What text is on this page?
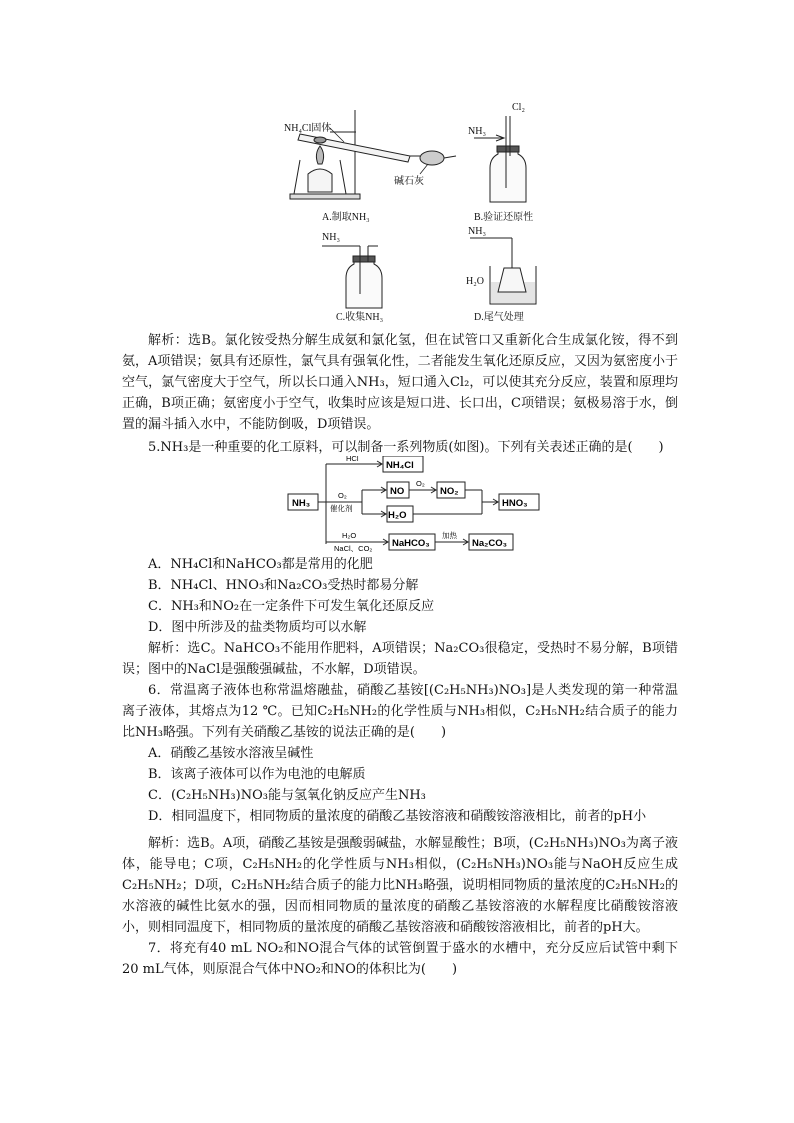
NH₄Cl固体
碱石灰
A.制取NH₃
Cl₂
NH₃
B.验证还原性
NH₃
C.收集NH₃
NH₃
H₂O
D.尾气处理

解析：选B。氯化铵受热分解生成氨和氯化氢，但在试管口又重新化合生成氯化铵，得不到氨，A项错误；氨具有还原性，氯气具有强氧化性，二者能发生氧化还原反应，又因为氨密度小于空气，氯气密度大于空气，所以长口通入NH₃，短口通入Cl₂，可以使其充分反应，装置和原理均正确，B项正确；氨密度小于空气，收集时应该是短口进、长口出，C项错误；氨极易溶于水，倒置的漏斗插入水中，不能防倒吸，D项错误。

5.NH₃是一种重要的化工原料，可以制备一系列物质(如图)。下列有关表述正确的是(　　)

NH₃
HCl
NH₄Cl
O₂
催化剂
NO
O₂
NO₂
H₂O
HNO₃
H₂O
NaCl、CO₂ NaHCO₃
加热
Na₂CO₃

A．NH₄Cl和NaHCO₃都是常用的化肥

B．NH₄Cl、HNO₃和Na₂CO₃受热时都易分解

C．NH₃和NO₂在一定条件下可发生氧化还原反应

D．图中所涉及的盐类物质均可以水解

解析：选C。NaHCO₃不能用作肥料，A项错误；Na₂CO₃很稳定，受热时不易分解，B项错误；图中的NaCl是强酸强碱盐，不水解，D项错误。

6．常温离子液体也称常温熔融盐，硝酸乙基铵[(C₂H₅NH₃)NO₃]是人类发现的第一种常温离子液体，其熔点为12 ℃。已知C₂H₅NH₂的化学性质与NH₃相似，C₂H₅NH₂结合质子的能力比NH₃略强。下列有关硝酸乙基铵的说法正确的是(　　)

A．硝酸乙基铵水溶液呈碱性

B．该离子液体可以作为电池的电解质

C．(C₂H₅NH₃)NO₃能与氢氧化钠反应产生NH₃

D．相同温度下，相同物质的量浓度的硝酸乙基铵溶液和硝酸铵溶液相比，前者的pH小

解析：选B。A项，硝酸乙基铵是强酸弱碱盐，水解显酸性；B项，(C₂H₅NH₃)NO₃为离子液体，能导电；C项，C₂H₅NH₂的化学性质与NH₃相似，(C₂H₅NH₃)NO₃能与NaOH反应生成C₂H₅NH₂；D项，C₂H₅NH₂结合质子的能力比NH₃略强，说明相同物质的量浓度的C₂H₅NH₂的水溶液的碱性比氨水的强，因而相同物质的量浓度的硝酸乙基铵溶液的水解程度比硝酸铵溶液小，则相同温度下，相同物质的量浓度的硝酸乙基铵溶液和硝酸铵溶液相比，前者的pH大。

7．将充有40 mL NO₂和NO混合气体的试管倒置于盛水的水槽中，充分反应后试管中剩下20 mL气体，则原混合气体中NO₂和NO的体积比为(　　)
